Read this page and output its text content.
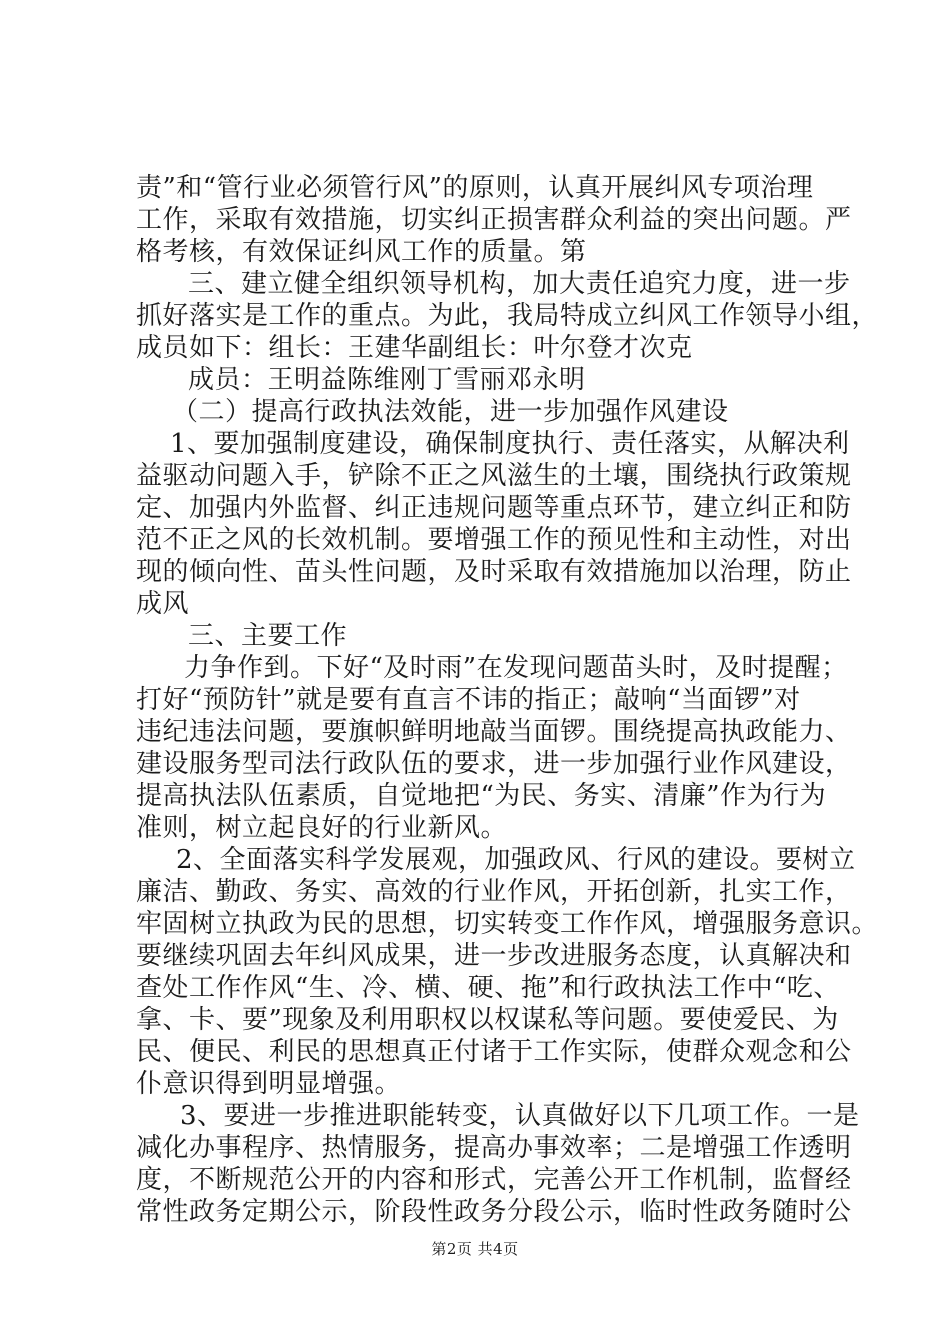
责”和“管行业必须管行风”的原则，认真开展纠风专项治理
工作，采取有效措施，切实纠正损害群众利益的突出问题。严
格考核，有效保证纠风工作的质量。第
三、建立健全组织领导机构，加大责任追究力度，进一步
抓好落实是工作的重点。为此，我局特成立纠风工作领导小组，
成员如下：组长：王建华副组长：叶尔登才次克
成员：王明益陈维刚丁雪丽邓永明
（二）提高行政执法效能，进一步加强作风建设
1、要加强制度建设，确保制度执行、责任落实，从解决利
益驱动问题入手，铲除不正之风滋生的土壤，围绕执行政策规
定、加强内外监督、纠正违规问题等重点环节，建立纠正和防
范不正之风的长效机制。要增强工作的预见性和主动性，对出
现的倾向性、苗头性问题，及时采取有效措施加以治理，防止
成风
三、主要工作
力争作到。下好“及时雨”在发现问题苗头时，及时提醒；
打好“预防针”就是要有直言不讳的指正；敲响“当面锣”对
违纪违法问题，要旗帜鲜明地敲当面锣。围绕提高执政能力、
建设服务型司法行政队伍的要求，进一步加强行业作风建设，
提高执法队伍素质，自觉地把“为民、务实、清廉”作为行为
准则，树立起良好的行业新风。
2、全面落实科学发展观，加强政风、行风的建设。要树立
廉洁、勤政、务实、高效的行业作风，开拓创新，扎实工作，
牢固树立执政为民的思想，切实转变工作作风，增强服务意识。
要继续巩固去年纠风成果，进一步改进服务态度，认真解决和
查处工作作风“生、冷、横、硬、拖”和行政执法工作中“吃、
拿、卡、要”现象及利用职权以权谋私等问题。要使爱民、为
民、便民、利民的思想真正付诸于工作实际，使群众观念和公
仆意识得到明显增强。
3、要进一步推进职能转变，认真做好以下几项工作。一是
减化办事程序、热情服务，提高办事效率；二是增强工作透明
度，不断规范公开的内容和形式，完善公开工作机制，监督经
常性政务定期公示，阶段性政务分段公示，临时性政务随时公
第2页 共4页
